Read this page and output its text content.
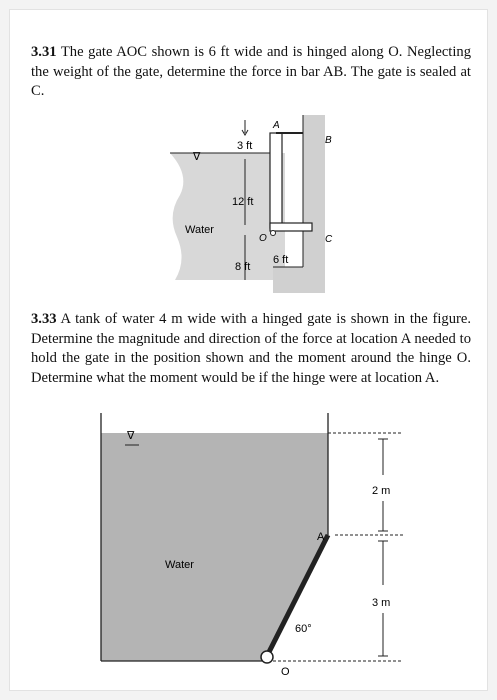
3.31 The gate AOC shown is 6 ft wide and is hinged along O. Neglecting the weight of the gate, determine the force in bar AB. The gate is sealed at C.
∇
3 ft
12 ft
8 ft
6 ft
A
B
C
O
Water
3.33 A tank of water 4 m wide with a hinged gate is shown in the figure. Determine the magnitude and direction of the force at location A needed to hold the gate in the position shown and the moment around the hinge O. Determine what the moment would be if the hinge were at location A.
∇
2 m
3 m
A
60°
O
Water
